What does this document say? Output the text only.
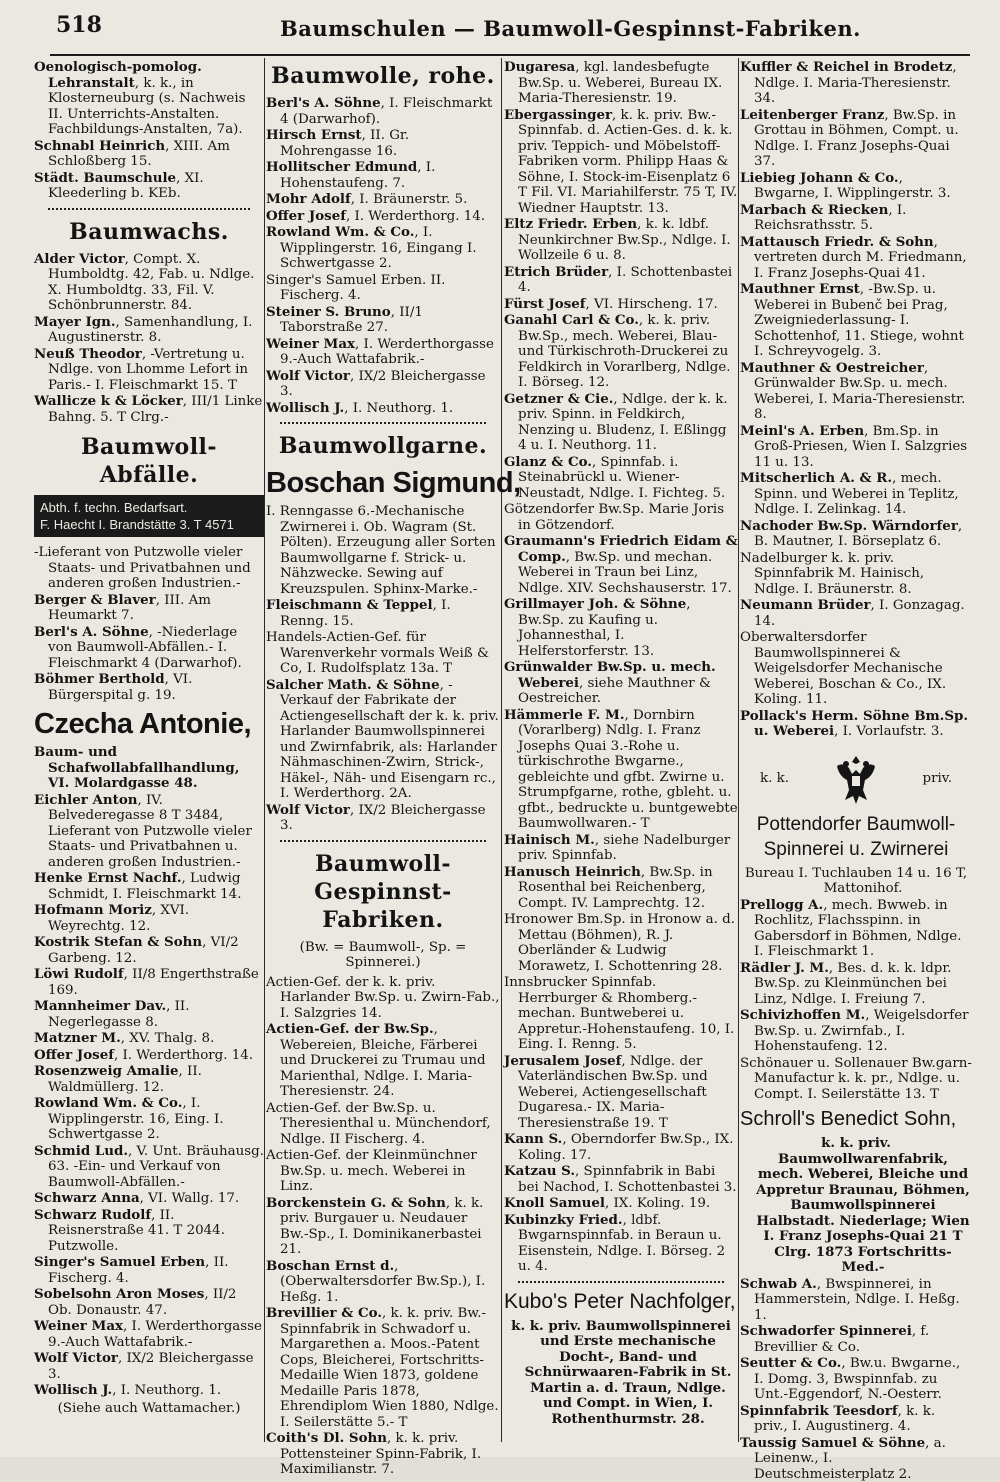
518	Baumschulen — Baumwoll-Gespinnst-Fabriken.

Oenologisch-pomolog. Lehranstalt, k. k., in Klosterneuburg (s. Nachweis II. Unterrichts-Anstalten. Fachbildungs-Anstalten, 7a).

Schnabl Heinrich, XIII. Am Schloßberg 15.

Städt. Baumschule, XI. Kleederling b. KEb.

Baumwachs.

Alder Victor, Compt. X. Humboldtg. 42, Fab. u. Ndlge. X. Humboldtg. 33, Fil. V. Schönbrunnerstr. 84.

Mayer Ign., Samenhandlung, I. Augustinerstr. 8.

Neuß Theodor, -Vertretung u. Ndlge. von Lhomme Lefort in Paris.- I. Fleischmarkt 15. T

Wallicze k & Löcker, III/1 Linke Bahng. 5. T Clrg.-

Baumwoll-Abfälle.
Abth. f. techn. Bedarfsart.
F. Haecht I. Brandstätte 3. T 4571

-Lieferant von Putzwolle vieler Staats- und Privatbahnen und anderen großen Industrien.-

Berger & Blaver, III. Am Heumarkt 7.

Berl's A. Söhne, -Niederlage von Baumwoll-Abfällen.- I. Fleischmarkt 4 (Darwarhof).

Böhmer Berthold, VI. Bürgerspital g. 19.

Czecha Antonie,
Baum- und Schafwollabfallhandlung, VI. Molardgasse 48.

Eichler Anton, IV. Belvederegasse 8 T 3484, Lieferant von Putzwolle vieler Staats- und Privatbahnen u. anderen großen Industrien.-

Henke Ernst Nachf., Ludwig Schmidt, I. Fleischmarkt 14.

Hofmann Moriz, XVI. Weyrechtg. 12.

Kostrik Stefan & Sohn, VI/2 Garbeng. 12.

Löwi Rudolf, II/8 Engerthstraße 169.

Mannheimer Dav., II. Negerlegasse 8.

Matzner M., XV. Thalg. 8.

Offer Josef, I. Werderthorg. 14.

Rosenzweig Amalie, II. Waldmüllerg. 12.

Rowland Wm. & Co., I. Wipplingerstr. 16, Eing. I. Schwertgasse 2.

Schmid Lud., V. Unt. Bräuhausg. 63. -Ein- und Verkauf von Baumwoll-Abfällen.-

Schwarz Anna, VI. Wallg. 17.

Schwarz Rudolf, II. Reisnerstraße 41. T 2044. Putzwolle.

Singer's Samuel Erben, II. Fischerg. 4.

Sobelsohn Aron Moses, II/2 Ob. Donaustr. 47.

Weiner Max, I. Werderthorgasse 9.-Auch Wattafabrik.-

Wolf Victor, IX/2 Bleichergasse 3.

Wollisch J., I. Neuthorg. 1.

(Siehe auch Wattamacher.)
Baumwolle, rohe.

Berl's A. Söhne, I. Fleischmarkt 4 (Darwarhof).

Hirsch Ernst, II. Gr. Mohrengasse 16.

Hollitscher Edmund, I. Hohenstaufeng. 7.

Mohr Adolf, I. Bräunerstr. 5.

Offer Josef, I. Werderthorg. 14.

Rowland Wm. & Co., I. Wipplingerstr. 16, Eingang I. Schwertgasse 2.

Singer's Samuel Erben. II. Fischerg. 4.

Steiner S. Bruno, II/1 Taborstraße 27.

Weiner Max, I. Werderthorgasse 9.-Auch Wattafabrik.-

Wolf Victor, IX/2 Bleichergasse 3.

Wollisch J., I. Neuthorg. 1.

Baumwollgarne.
Boschan Sigmund,

I. Renngasse 6.-Mechanische Zwirnerei i. Ob. Wagram (St. Pölten). Erzeugung aller Sorten Baumwollgarne f. Strick- u. Nähzwecke. Sewing auf Kreuzspulen. Sphinx-Marke.-

Fleischmann & Teppel, I. Renng. 15.

Handels-Actien-Gef. für Warenverkehr vormals Weiß & Co, I. Rudolfsplatz 13a. T

Salcher Math. & Söhne, -Verkauf der Fabrikate der Actiengesellschaft der k. k. priv. Harlander Baumwollspinnerei und Zwirnfabrik, als: Harlander Nähmaschinen-Zwirn, Strick-, Häkel-, Näh- und Eisengarn rc., I. Werderthorg. 2A.

Wolf Victor, IX/2 Bleichergasse 3.

Baumwoll-Gespinnst-Fabriken.
(Bw. = Baumwoll-, Sp. = Spinnerei.)

Actien-Gef. der k. k. priv. Harlander Bw.Sp. u. Zwirn-Fab., I. Salzgries 14.

Actien-Gef. der Bw.Sp., Webereien, Bleiche, Färberei und Druckerei zu Trumau und Marienthal, Ndlge. I. Maria-Theresienstr. 24.

Actien-Gef. der Bw.Sp. u. Theresienthal u. Münchendorf, Ndlge. II Fischerg. 4.

Actien-Gef. der Kleinmünchner Bw.Sp. u. mech. Weberei in Linz.

Borckenstein G. & Sohn, k. k. priv. Burgauer u. Neudauer Bw.-Sp., I. Dominikanerbastei 21.

Boschan Ernst d., (Oberwaltersdorfer Bw.Sp.), I. Heßg. 1.

Brevillier & Co., k. k. priv. Bw.-Spinnfabrik in Schwadorf u. Margarethen a. Moos.-Patent Cops, Bleicherei, Fortschritts-Medaille Wien 1873, goldene Medaille Paris 1878, Ehrendiplom Wien 1880, Ndlge. I. Seilerstätte 5.- T

Coith's Dl. Sohn, k. k. priv. Pottensteiner Spinn-Fabrik, I. Maximilianstr. 7.

Dugaresa, kgl. landesbefugte Bw.Sp. u. Weberei, Bureau IX. Maria-Theresienstr. 19.

Ebergassinger, k. k. priv. Bw.-Spinnfab. d. Actien-Ges. d. k. k. priv. Teppich- und Möbelstoff-Fabriken vorm. Philipp Haas & Söhne, I. Stock-im-Eisenplatz 6 T Fil. VI. Mariahilferstr. 75 T, IV. Wiedner Hauptstr. 13.

Eltz Friedr. Erben, k. k. ldbf. Neunkirchner Bw.Sp., Ndlge. I. Wollzeile 6 u. 8.

Etrich Brüder, I. Schottenbastei 4.

Fürst Josef, VI. Hirscheng. 17.

Ganahl Carl & Co., k. k. priv. Bw.Sp., mech. Weberei, Blau- und Türkischroth-Druckerei zu Feldkirch in Vorarlberg, Ndlge. I. Börseg. 12.

Getzner & Cie., Ndlge. der k. k. priv. Spinn. in Feldkirch, Nenzing u. Bludenz, I. Eßlingg 4 u. I. Neuthorg. 11.

Glanz & Co., Spinnfab. i. Steinabrückl u. Wiener-Neustadt, Ndlge. I. Fichteg. 5.

Götzendorfer Bw.Sp. Marie Joris in Götzendorf.

Graumann's Friedrich Eidam & Comp., Bw.Sp. und mechan. Weberei in Traun bei Linz, Ndlge. XIV. Sechshauserstr. 17.

Grillmayer Joh. & Söhne, Bw.Sp. zu Kaufing u. Johannesthal, I. Helferstorferstr. 13.

Grünwalder Bw.Sp. u. mech. Weberei, siehe Mauthner & Oestreicher.

Hämmerle F. M., Dornbirn (Vorarlberg) Ndlg. I. Franz Josephs Quai 3.-Rohe u. türkischrothe Bwgarne., gebleichte und gfbt. Zwirne u. Strumpfgarne, rothe, gbleht. u. gfbt., bedruckte u. buntgewebte Baumwollwaren.- T

Hainisch M., siehe Nadelburger priv. Spinnfab.

Hanusch Heinrich, Bw.Sp. in Rosenthal bei Reichenberg, Compt. IV. Lamprechtg. 12.

Hronower Bm.Sp. in Hronow a. d. Mettau (Böhmen), R. J. Oberländer & Ludwig Morawetz, I. Schottenring 28.

Innsbrucker Spinnfab. Herrburger & Rhomberg.-mechan. Buntweberei u. Appretur.-Hohenstaufeng. 10, I. Eing. I. Renng. 5.

Jerusalem Josef, Ndlge. der Vaterländischen Bw.Sp. und Weberei, Actiengesellschaft Dugaresa.- IX. Maria-Theresienstraße 19. T

Kann S., Oberndorfer Bw.Sp., IX. Koling. 17.

Katzau S., Spinnfabrik in Babi bei Nachod, I. Schottenbastei 3.

Knoll Samuel, IX. Koling. 19.

Kubinzky Fried., ldbf. Bwgarnspinnfab. in Beraun u. Eisenstein, Ndlge. I. Börseg. 2 u. 4.

Kubo's Peter Nachfolger,
k. k. priv. Baumwollspinnerei und Erste mechanische Docht-, Band- und Schnürwaaren-Fabrik in St. Martin a. d. Traun, Ndlge. und Compt. in Wien, I. Rothenthurmstr. 28.

Kuffler & Reichel in Brodetz, Ndlge. I. Maria-Theresienstr. 34.

Leitenberger Franz, Bw.Sp. in Grottau in Böhmen, Compt. u. Ndlge. I. Franz Josephs-Quai 37.

Liebieg Johann & Co., Bwgarne, I. Wipplingerstr. 3.

Marbach & Riecken, I. Reichsrathsstr. 5.

Mattausch Friedr. & Sohn, vertreten durch M. Friedmann, I. Franz Josephs-Quai 41.

Mauthner Ernst, -Bw.Sp. u. Weberei in Bubenč bei Prag, Zweigniederlassung- I. Schottenhof, 11. Stiege, wohnt I. Schreyvogelg. 3.

Mauthner & Oestreicher, Grünwalder Bw.Sp. u. mech. Weberei, I. Maria-Theresienstr. 8.

Meinl's A. Erben, Bm.Sp. in Groß-Priesen, Wien I. Salzgries 11 u. 13.

Mitscherlich A. & R., mech. Spinn. und Weberei in Teplitz, Ndlge. I. Zelinkag. 14.

Nachoder Bw.Sp. Wärndorfer, B. Mautner, I. Börseplatz 6.

Nadelburger k. k. priv. Spinnfabrik M. Hainisch, Ndlge. I. Bräunerstr. 8.

Neumann Brüder, I. Gonzagag. 14.

Oberwaltersdorfer Baumwollspinnerei & Weigelsdorfer Mechanische Weberei, Boschan & Co., IX. Koling. 11.

Pollack's Herm. Söhne Bm.Sp. u. Weberei, I. Vorlaufstr. 3.

k. k.	priv.
Pottendorfer Baumwoll-Spinnerei u. Zwirnerei
Bureau I. Tuchlauben 14 u. 16 T, Mattonihof.

Prellogg A., mech. Bwweb. in Rochlitz, Flachsspinn. in Gabersdorf in Böhmen, Ndlge. I. Fleischmarkt 1.

Rädler J. M., Bes. d. k. k. ldpr. Bw.Sp. zu Kleinmünchen bei Linz, Ndlge. I. Freiung 7.

Schivizhoffen M., Weigelsdorfer Bw.Sp. u. Zwirnfab., I. Hohenstaufeng. 12.

Schönauer u. Sollenauer Bw.garn-Manufactur k. k. pr., Ndlge. u. Compt. I. Seilerstätte 13. T

Schroll's Benedict Sohn,
k. k. priv. Baumwollwarenfabrik, mech. Weberei, Bleiche und Appretur Braunau, Böhmen, Baumwollspinnerei Halbstadt. Niederlage; Wien I. Franz Josephs-Quai 21 T Clrg. 1873 Fortschritts-Med.-

Schwab A., Bwspinnerei, in Hammerstein, Ndlge. I. Heßg. 1.

Schwadorfer Spinnerei, f. Brevillier & Co.

Seutter & Co., Bw.u. Bwgarne., I. Domg. 3, Bwspinnfab. zu Unt.-Eggendorf, N.-Oesterr.

Spinnfabrik Teesdorf, k. k. priv., I. Augustinerg. 4.

Taussig Samuel & Söhne, a. Leinenw., I. Deutschmeisterplatz 2.
